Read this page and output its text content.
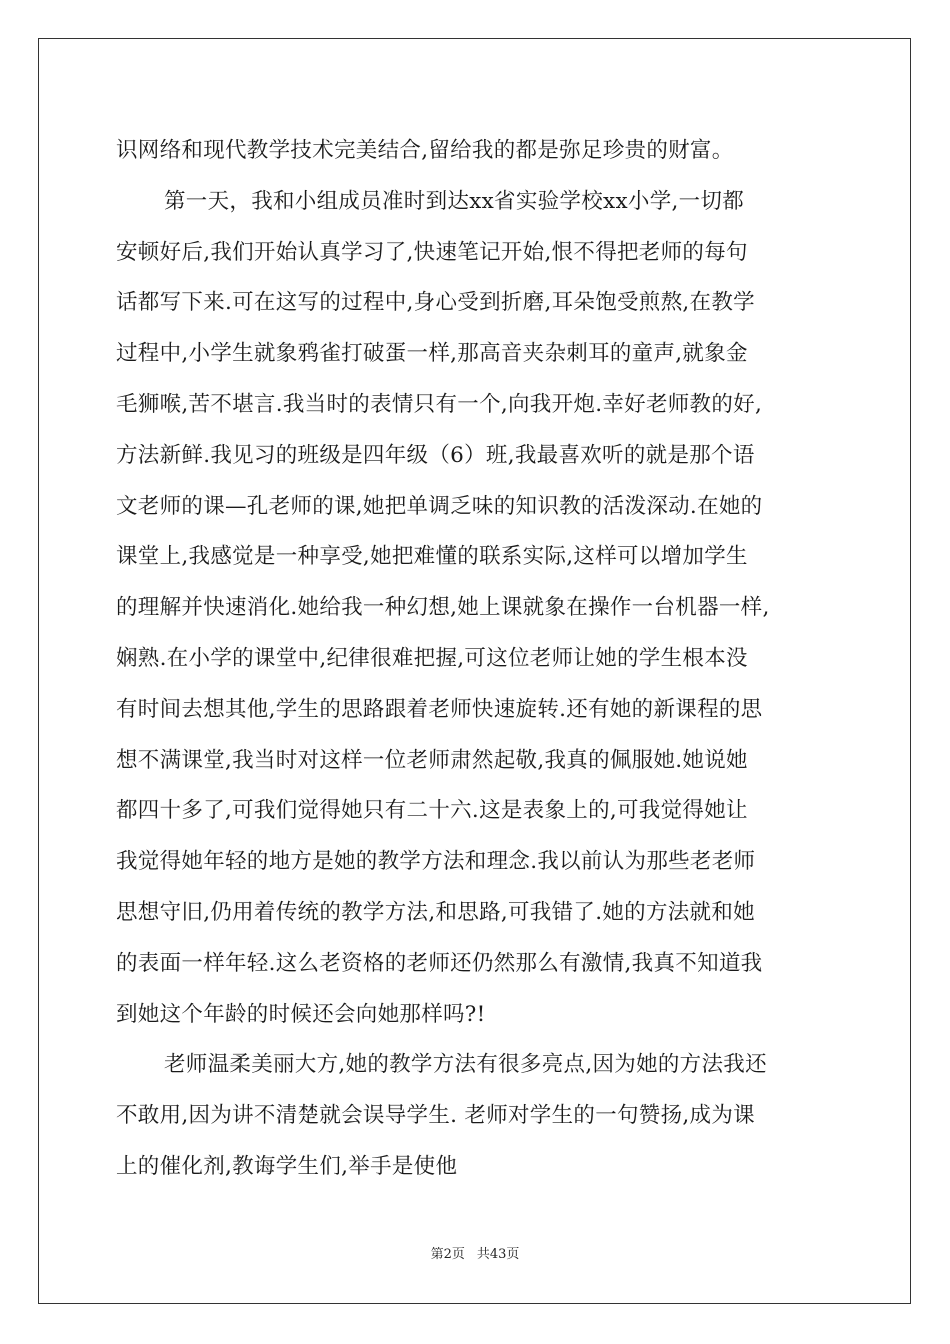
识网络和现代教学技术完美结合,留给我的都是弥足珍贵的财富。
第一天，我和小组成员准时到达xx省实验学校xx小学,一切都
安顿好后,我们开始认真学习了,快速笔记开始,恨不得把老师的每句
话都写下来.可在这写的过程中,身心受到折磨,耳朵饱受煎熬,在教学
过程中,小学生就象鸦雀打破蛋一样,那高音夹杂刺耳的童声,就象金
毛狮喉,苦不堪言.我当时的表情只有一个,向我开炮.幸好老师教的好,
方法新鲜.我见习的班级是四年级（6）班,我最喜欢听的就是那个语
文老师的课—孔老师的课,她把单调乏味的知识教的活泼深动.在她的
课堂上,我感觉是一种享受,她把难懂的联系实际,这样可以增加学生
的理解并快速消化.她给我一种幻想,她上课就象在操作一台机器一样,
娴熟.在小学的课堂中,纪律很难把握,可这位老师让她的学生根本没
有时间去想其他,学生的思路跟着老师快速旋转.还有她的新课程的思
想不满课堂,我当时对这样一位老师肃然起敬,我真的佩服她.她说她
都四十多了,可我们觉得她只有二十六.这是表象上的,可我觉得她让
我觉得她年轻的地方是她的教学方法和理念.我以前认为那些老老师
思想守旧,仍用着传统的教学方法,和思路,可我错了.她的方法就和她
的表面一样年轻.这么老资格的老师还仍然那么有激情,我真不知道我
到她这个年龄的时候还会向她那样吗?!
老师温柔美丽大方,她的教学方法有很多亮点,因为她的方法我还
不敢用,因为讲不清楚就会误导学生. 老师对学生的一句赞扬,成为课
上的催化剂,教诲学生们,举手是使他
第2页 共43页
